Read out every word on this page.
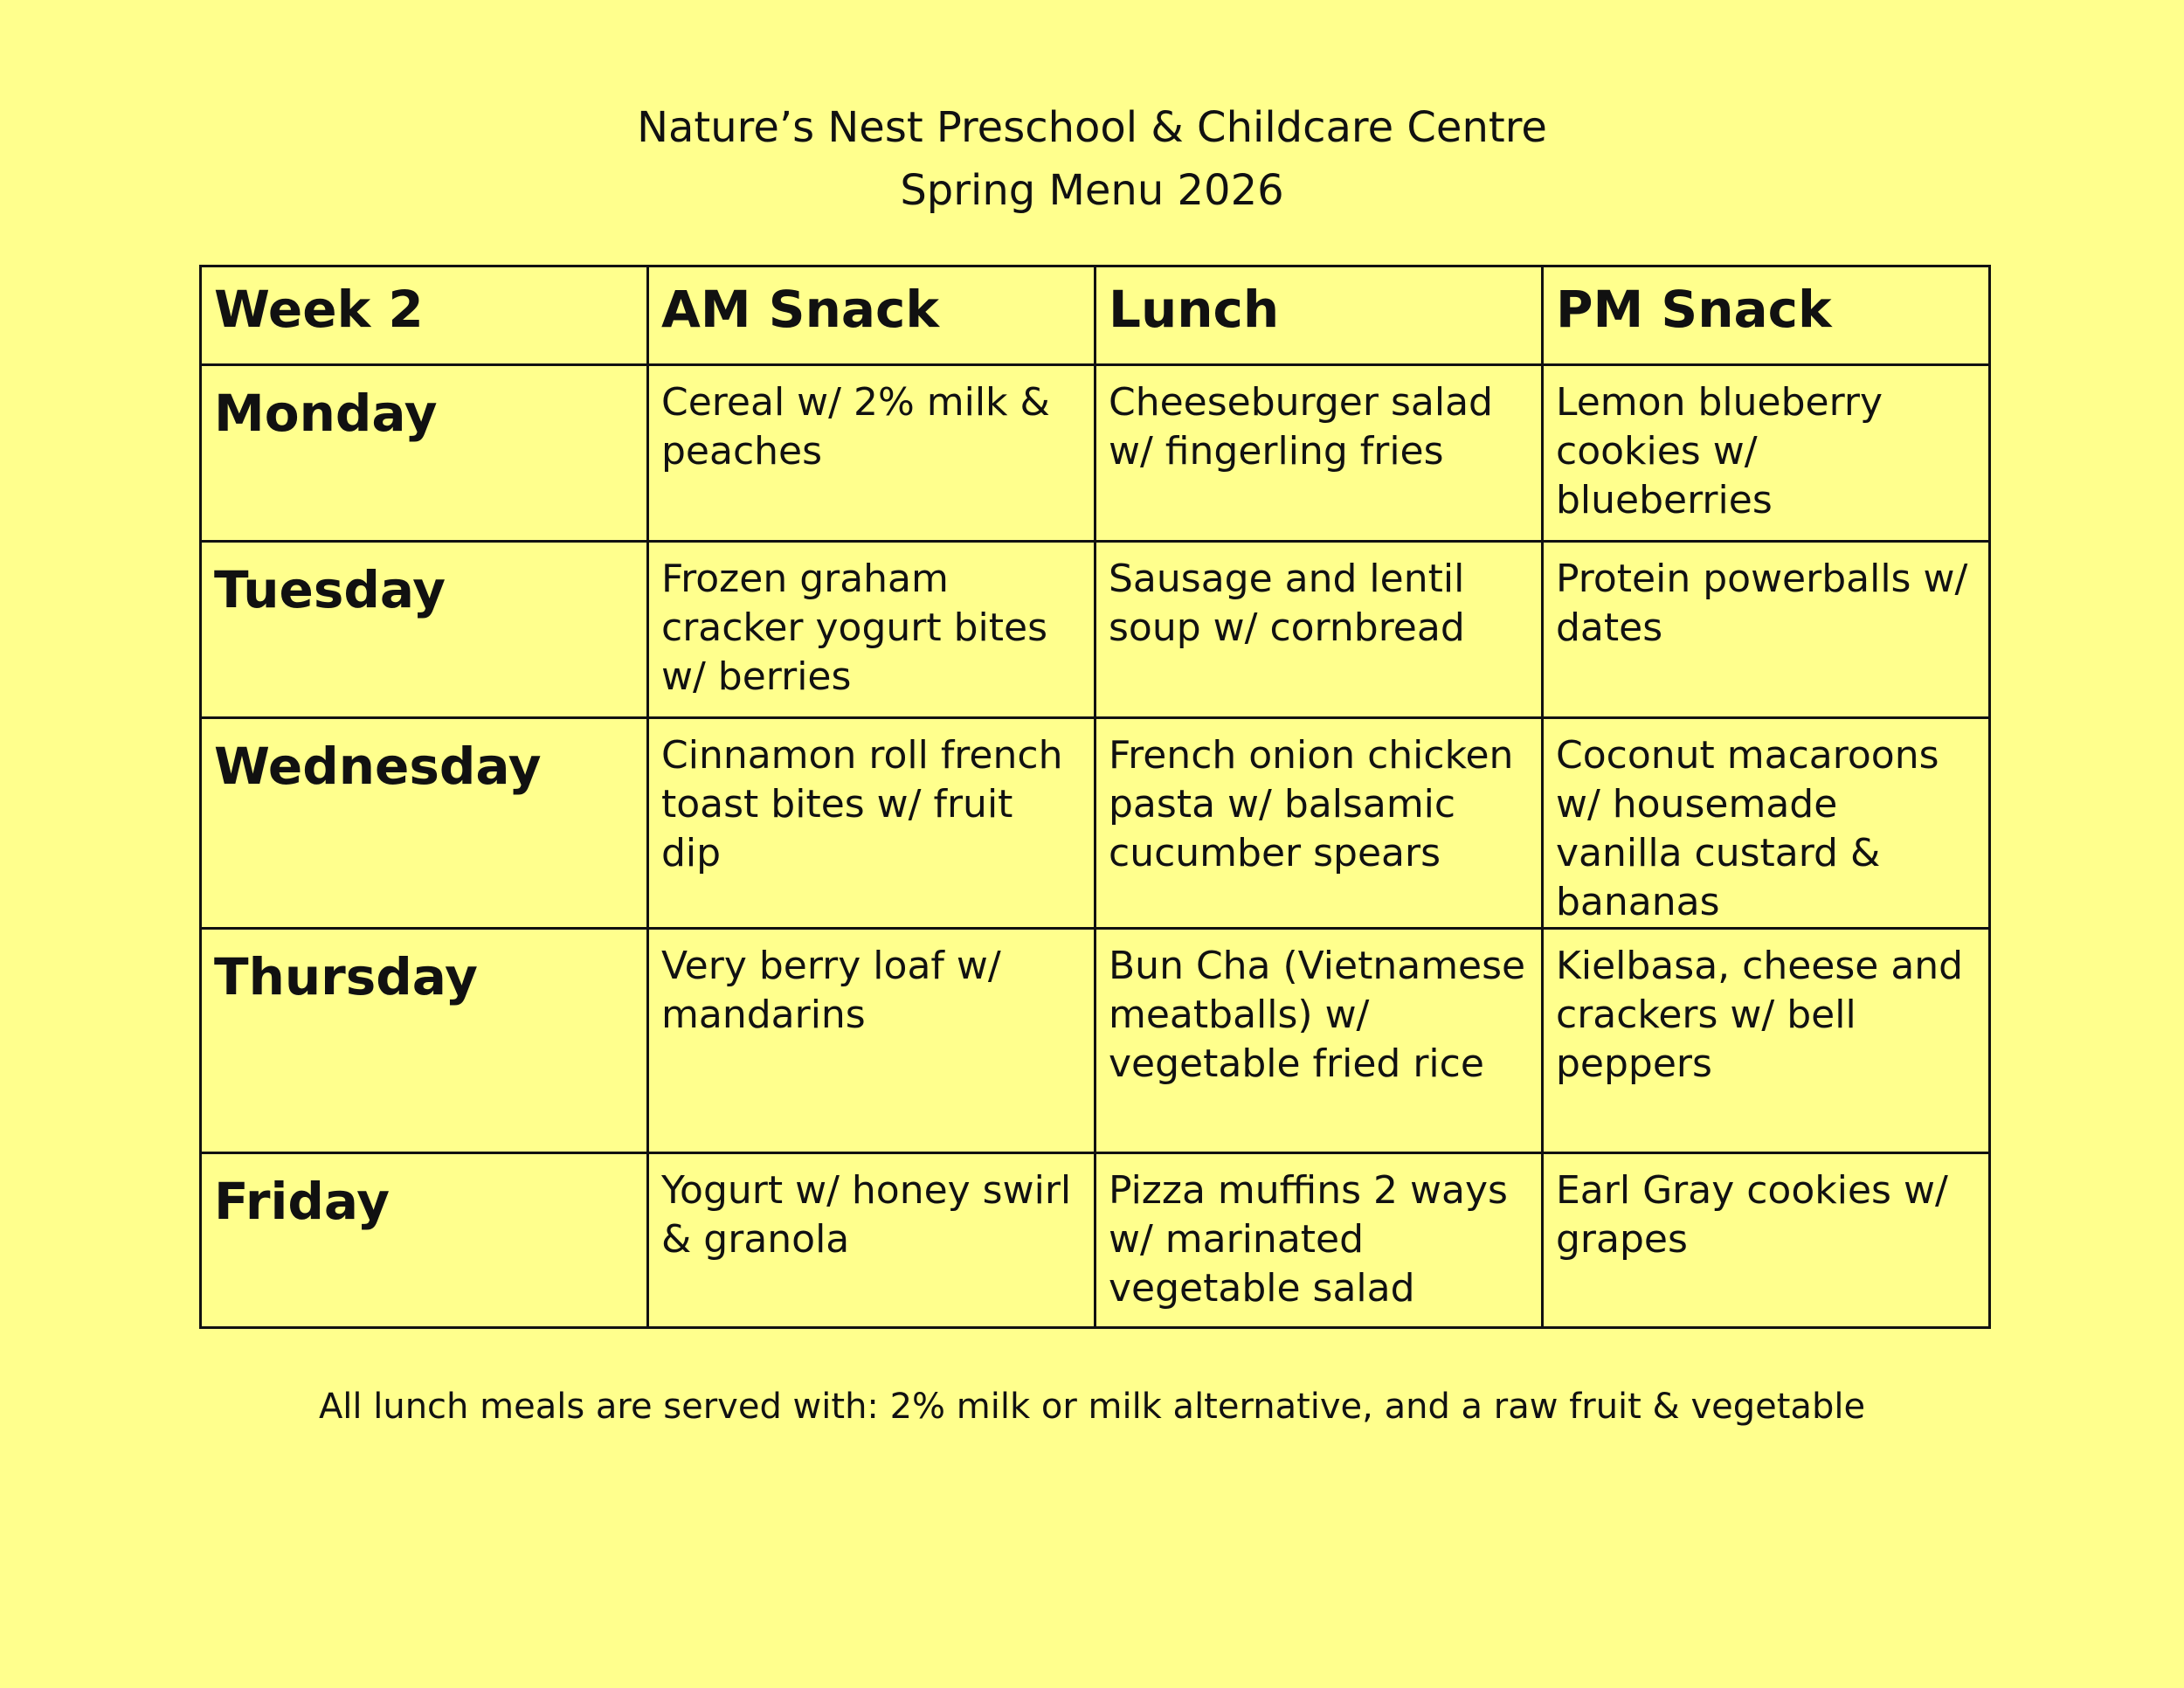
Nature’s Nest Preschool & Childcare Centre

Spring Menu 2026

Week 2	AM Snack	Lunch	PM Snack
Monday	Cereal w/ 2% milk & peaches	Cheeseburger salad w/ fingerling fries	Lemon blueberry cookies w/ blueberries
Tuesday	Frozen graham cracker yogurt bites w/ berries	Sausage and lentil soup w/ cornbread	Protein powerballs w/ dates
Wednesday	Cinnamon roll french toast bites w/ fruit dip	French onion chicken pasta w/ balsamic cucumber spears	Coconut macaroons w/ housemade vanilla custard & bananas
Thursday	Very berry loaf w/ mandarins	Bun Cha (Vietnamese meatballs) w/ vegetable fried rice	Kielbasa, cheese and crackers w/ bell peppers
Friday	Yogurt w/ honey swirl & granola	Pizza muffins 2 ways w/ marinated vegetable salad	Earl Gray cookies w/ grapes
All lunch meals are served with: 2% milk or milk alternative, and a raw fruit & vegetable
